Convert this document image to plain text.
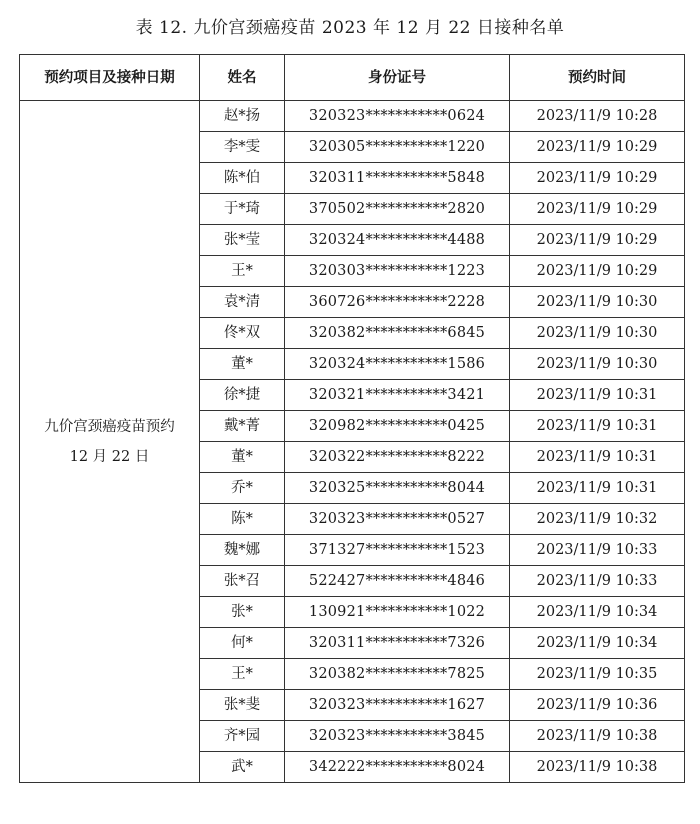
表 12. 九价宫颈癌疫苗 2023 年 12 月 22 日接种名单
预约项目及接种日期	姓名	身份证号	预约时间

九价宫颈癌疫苗预约
12 月 22 日	赵*扬	320323***********0624	2023/11/9 10:28
	李*雯	320305***********1220	2023/11/9 10:29
	陈*伯	320311***********5848	2023/11/9 10:29
	于*琦	370502***********2820	2023/11/9 10:29
	张*莹	320324***********4488	2023/11/9 10:29
	王*	320303***********1223	2023/11/9 10:29
	袁*清	360726***********2228	2023/11/9 10:30
	佟*双	320382***********6845	2023/11/9 10:30
	董*	320324***********1586	2023/11/9 10:30
	徐*捷	320321***********3421	2023/11/9 10:31
	戴*菁	320982***********0425	2023/11/9 10:31
	董*	320322***********8222	2023/11/9 10:31
	乔*	320325***********8044	2023/11/9 10:31
	陈*	320323***********0527	2023/11/9 10:32
	魏*娜	371327***********1523	2023/11/9 10:33
	张*召	522427***********4846	2023/11/9 10:33
	张*	130921***********1022	2023/11/9 10:34
	何*	320311***********7326	2023/11/9 10:34
	王*	320382***********7825	2023/11/9 10:35
	张*斐	320323***********1627	2023/11/9 10:36
	齐*园	320323***********3845	2023/11/9 10:38
	武*	342222***********8024	2023/11/9 10:38
